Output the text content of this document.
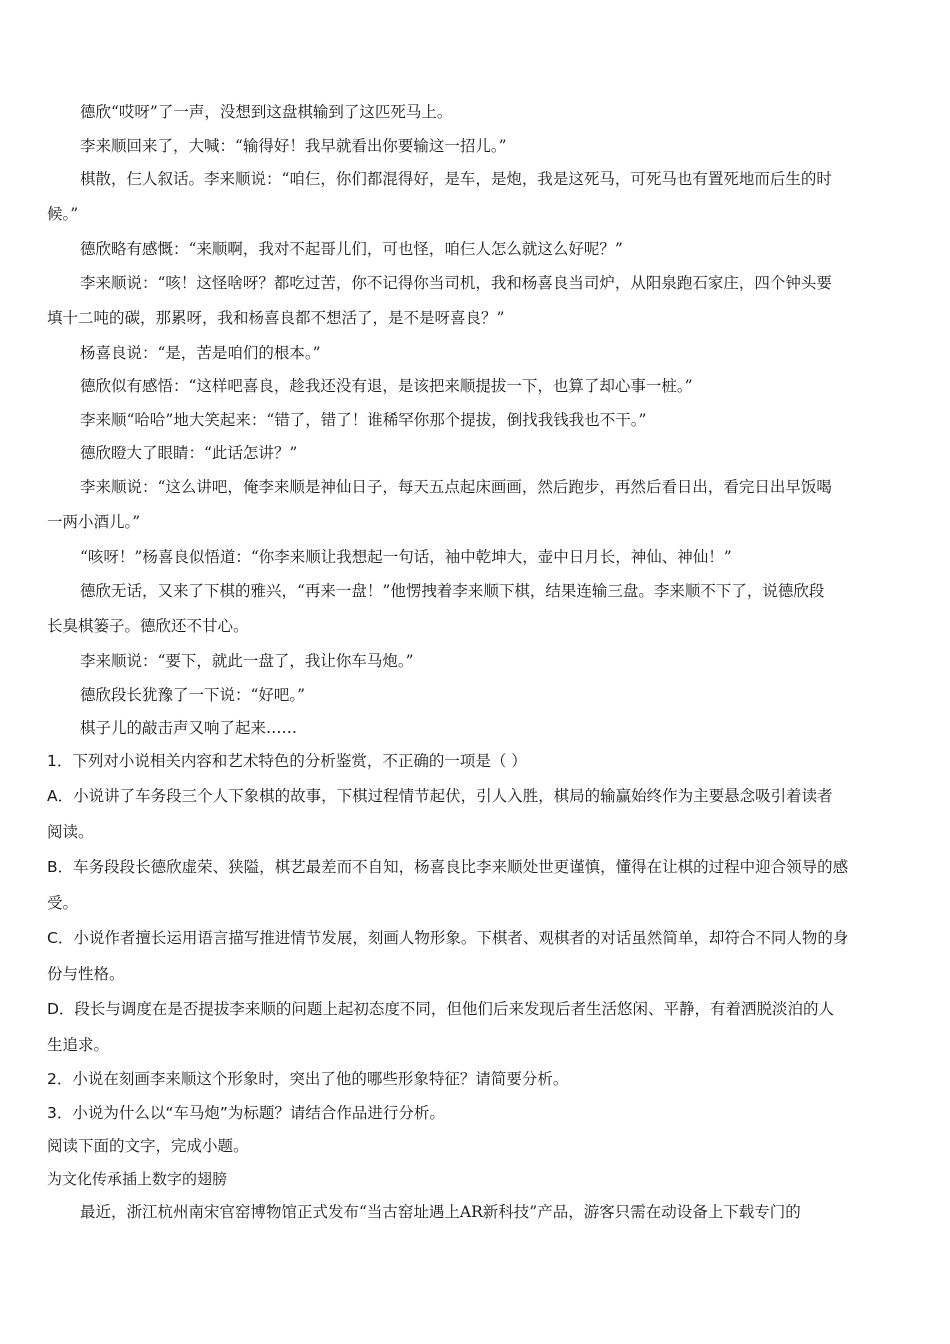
德欣“哎呀”了一声，没想到这盘棋输到了这匹死马上。
李来顺回来了，大喊：“输得好！我早就看出你要输这一招儿。”
棋散，仨人叙话。李来顺说：“咱仨，你们都混得好，是车，是炮，我是这死马，可死马也有置死地而后生的时
候。”
德欣略有感慨：“来顺啊，我对不起哥儿们，可也怪，咱仨人怎么就这么好呢？”
李来顺说：“咳！这怪啥呀？都吃过苦，你不记得你当司机，我和杨喜良当司炉，从阳泉跑石家庄，四个钟头要
填十二吨的碳，那累呀，我和杨喜良都不想活了，是不是呀喜良？”
杨喜良说：“是，苦是咱们的根本。”
德欣似有感悟：“这样吧喜良，趁我还没有退，是该把来顺提拔一下，也算了却心事一桩。”
李来顺“哈哈”地大笑起来：“错了，错了！谁稀罕你那个提拔，倒找我钱我也不干。”
德欣瞪大了眼睛：“此话怎讲？”
李来顺说：“这么讲吧，俺李来顺是神仙日子，每天五点起床画画，然后跑步，再然后看日出，看完日出早饭喝
一两小酒儿。”
“咳呀！”杨喜良似悟道：“你李来顺让我想起一句话，袖中乾坤大，壶中日月长，神仙、神仙！”
德欣无话，又来了下棋的雅兴，“再来一盘！”他愣拽着李来顺下棋，结果连输三盘。李来顺不下了，说德欣段
长臭棋篓子。德欣还不甘心。
李来顺说：“要下，就此一盘了，我让你车马炮。”
德欣段长犹豫了一下说：“好吧。”
棋子儿的敲击声又响了起来……
1．下列对小说相关内容和艺术特色的分析鉴赏，不正确的一项是（ ）
A．小说讲了车务段三个人下象棋的故事，下棋过程情节起伏，引人入胜，棋局的输赢始终作为主要悬念吸引着读者
阅读。
B．车务段段长德欣虚荣、狭隘，棋艺最差而不自知，杨喜良比李来顺处世更谨慎，懂得在让棋的过程中迎合领导的感
受。
C．小说作者擅长运用语言描写推进情节发展，刻画人物形象。下棋者、观棋者的对话虽然简单，却符合不同人物的身
份与性格。
D．段长与调度在是否提拔李来顺的问题上起初态度不同，但他们后来发现后者生活悠闲、平静，有着洒脱淡泊的人
生追求。
2．小说在刻画李来顺这个形象时，突出了他的哪些形象特征？请简要分析。
3．小说为什么以“车马炮”为标题？请结合作品进行分析。
阅读下面的文字，完成小题。
为文化传承插上数字的翅膀
最近，浙江杭州南宋官窑博物馆正式发布“当古窑址遇上AR新科技”产品，游客只需在动设备上下载专门的
